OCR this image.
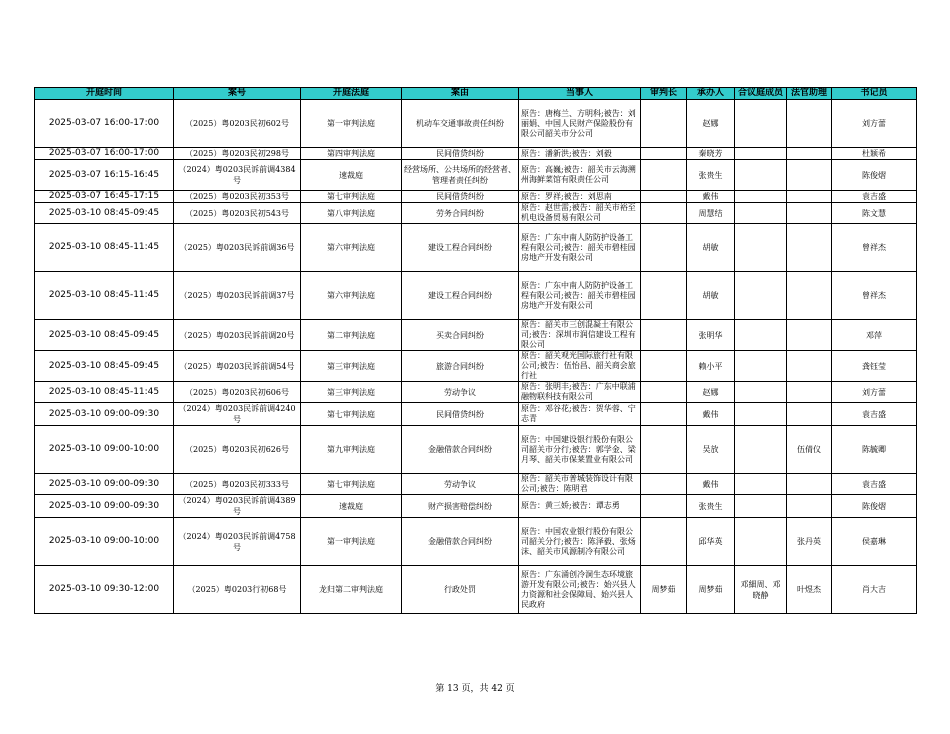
开庭时间	案号	开庭法庭	案由	当事人	审判长	承办人	合议庭成员	法官助理	书记员
2025-03-07 16:00-17:00	（2025）粤0203民初602号	第一审判法庭	机动车交通事故责任纠纷	原告：唐梅兰、方明科;被告：刘丽娟、中国人民财产保险股份有限公司韶关市分公司		赵娜			刘方蕾
2025-03-07 16:00-17:00	（2025）粤0203民初298号	第四审判法庭	民间借贷纠纷	原告：潘新洪;被告：刘毅		秦晓芳			杜颖希
2025-03-07 16:15-16:45	（2024）粤0203民诉前调4384号	速裁庭	经营场所、公共场所的经营者、管理者责任纠纷	原告：高巍;被告：韶关市云海溯州海鲜菜馆有限责任公司		张贵生			陈俊熠
2025-03-07 16:45-17:15	（2025）粤0203民初353号	第七审判法庭	民间借贷纠纷	原告：罗祥;被告：刘思南		戴伟			袁吉盛
2025-03-10 08:45-09:45	（2025）粤0203民初543号	第八审判法庭	劳务合同纠纷	原告：赵世雷;被告：韶关市裕至机电设备贸易有限公司		周慧结			陈文慧
2025-03-10 08:45-11:45	（2025）粤0203民诉前调36号	第六审判法庭	建设工程合同纠纷	原告：广东中南人防防护设备工程有限公司;被告：韶关市碧桂园房地产开发有限公司		胡敏			曾祥杰
2025-03-10 08:45-11:45	（2025）粤0203民诉前调37号	第六审判法庭	建设工程合同纠纷	原告：广东中南人防防护设备工程有限公司;被告：韶关市碧桂园房地产开发有限公司		胡敏			曾祥杰
2025-03-10 08:45-09:45	（2025）粤0203民诉前调20号	第二审判法庭	买卖合同纠纷	原告：韶关市三创混凝土有限公司;被告：深圳市润信建设工程有限公司		张明华			邓萍
2025-03-10 08:45-09:45	（2025）粤0203民诉前调54号	第三审判法庭	旅游合同纠纷	原告：韶关观光国际旅行社有限公司;被告：伍怡昌、韶关商会旅行社		赖小平			龚钰莹
2025-03-10 08:45-11:45	（2025）粤0203民初606号	第三审判法庭	劳动争议	原告：张明丰;被告：广东中联浦融物联科技有限公司		赵娜			刘方蕾
2025-03-10 09:00-09:30	（2024）粤0203民诉前调4240号	第七审判法庭	民间借贷纠纷	原告：邓谷花;被告：贺华蓉、宁志青		戴伟			袁吉盛
2025-03-10 09:00-10:00	（2025）粤0203民初626号	第九审判法庭	金融借款合同纠纷	原告：中国建设银行股份有限公司韶关市分行;被告：郭学金、梁月琴、韶关市保莱置业有限公司		吴放		伍倩仪	陈毓卿
2025-03-10 09:00-09:30	（2025）粤0203民初333号	第七审判法庭	劳动争议	原告：韶关市普城装饰设计有限公司;被告：陈明君		戴伟			袁吉盛
2025-03-10 09:00-09:30	（2024）粤0203民诉前调4389号	速裁庭	财产损害赔偿纠纷	原告：黄三娇;被告：谭志勇		张贵生			陈俊熠
2025-03-10 09:00-10:00	（2024）粤0203民诉前调4758号	第一审判法庭	金融借款合同纠纷	原告：中国农业银行股份有限公司韶关分行;被告：陈泽毅、张炀沫、韶关市风源制冷有限公司		邱华英		张丹英	侯嘉琳
2025-03-10 09:30-12:00	（2025）粤0203行初68号	龙归第二审判法庭	行政处罚	原告：广东涌创冷洞生态环境旅游开发有限公司;被告：始兴县人力资源和社会保障局、始兴县人民政府	周梦茹	周梦茹	邓細周、邓晓静	叶煜杰	肖大吉
第 13 页，共 42 页
